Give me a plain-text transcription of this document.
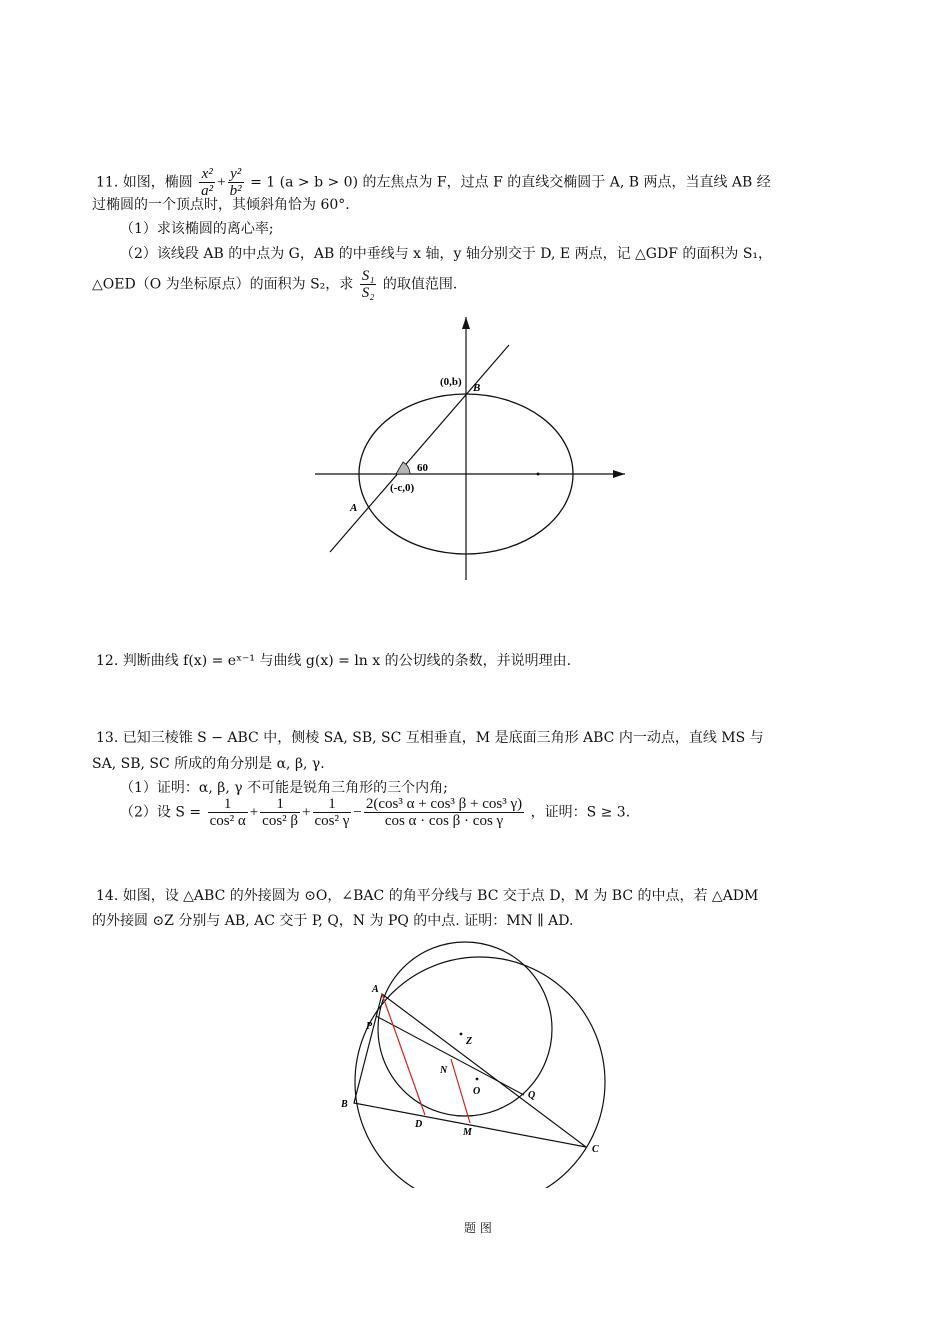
11. 如图，椭圆 $\frac{\text{x²}}{\text{a²}} + \frac{\text{y²}}{\text{b²}} = 1$ (a > b > 0) 的左焦点为 F，过点 F 的直线交椭圆于 A, B 两点，当直线 AB 经
过椭圆的一个顶点时，其倾斜角恰为 60°.
（1）求该椭圆的离心率;
（2）该线段 AB 的中点为 G，AB 的中垂线与 x 轴，y 轴分别交于 D, E 两点，记 △GDF 的面积为 S₁，
△OED（O 为坐标原点）的面积为 S₂，求 $\frac{\text{S₁}}{\text{S₂}}$ 的取值范围.
(0,b) B
60
(-c,0)
A
12. 判断曲线 f(x) = eˣ⁻¹ 与曲线 g(x) = ln x 的公切线的条数，并说明理由.
13. 已知三棱锥 S − ABC 中，侧棱 SA, SB, SC 互相垂直，M 是底面三角形 ABC 内一动点，直线 MS 与
SA, SB, SC 所成的角分别是 α, β, γ.
（1）证明：α, β, γ 不可能是锐角三角形的三个内角;
（2）设 $S = \frac{1}{\text{cos² α}} + \frac{1}{\text{cos² β}} + \frac{1}{\text{cos² γ}} - \frac{\text{2(cos³ α + cos³ β + cos³ γ)}}{\text{cos α · cos β · cos γ}}$ ，证明：S ≥ 3.
14. 如图，设 △ABC 的外接圆为 ⊙O，∠BAC 的角平分线与 BC 交于点 D，M 为 BC 的中点，若 △ADM
的外接圆 ⊙Z 分别与 AB, AC 交于 P, Q，N 为 PQ 的中点. 证明：MN ∥ AD.
A
P
Z
N
O	Q
B
D
M
C
题 图
